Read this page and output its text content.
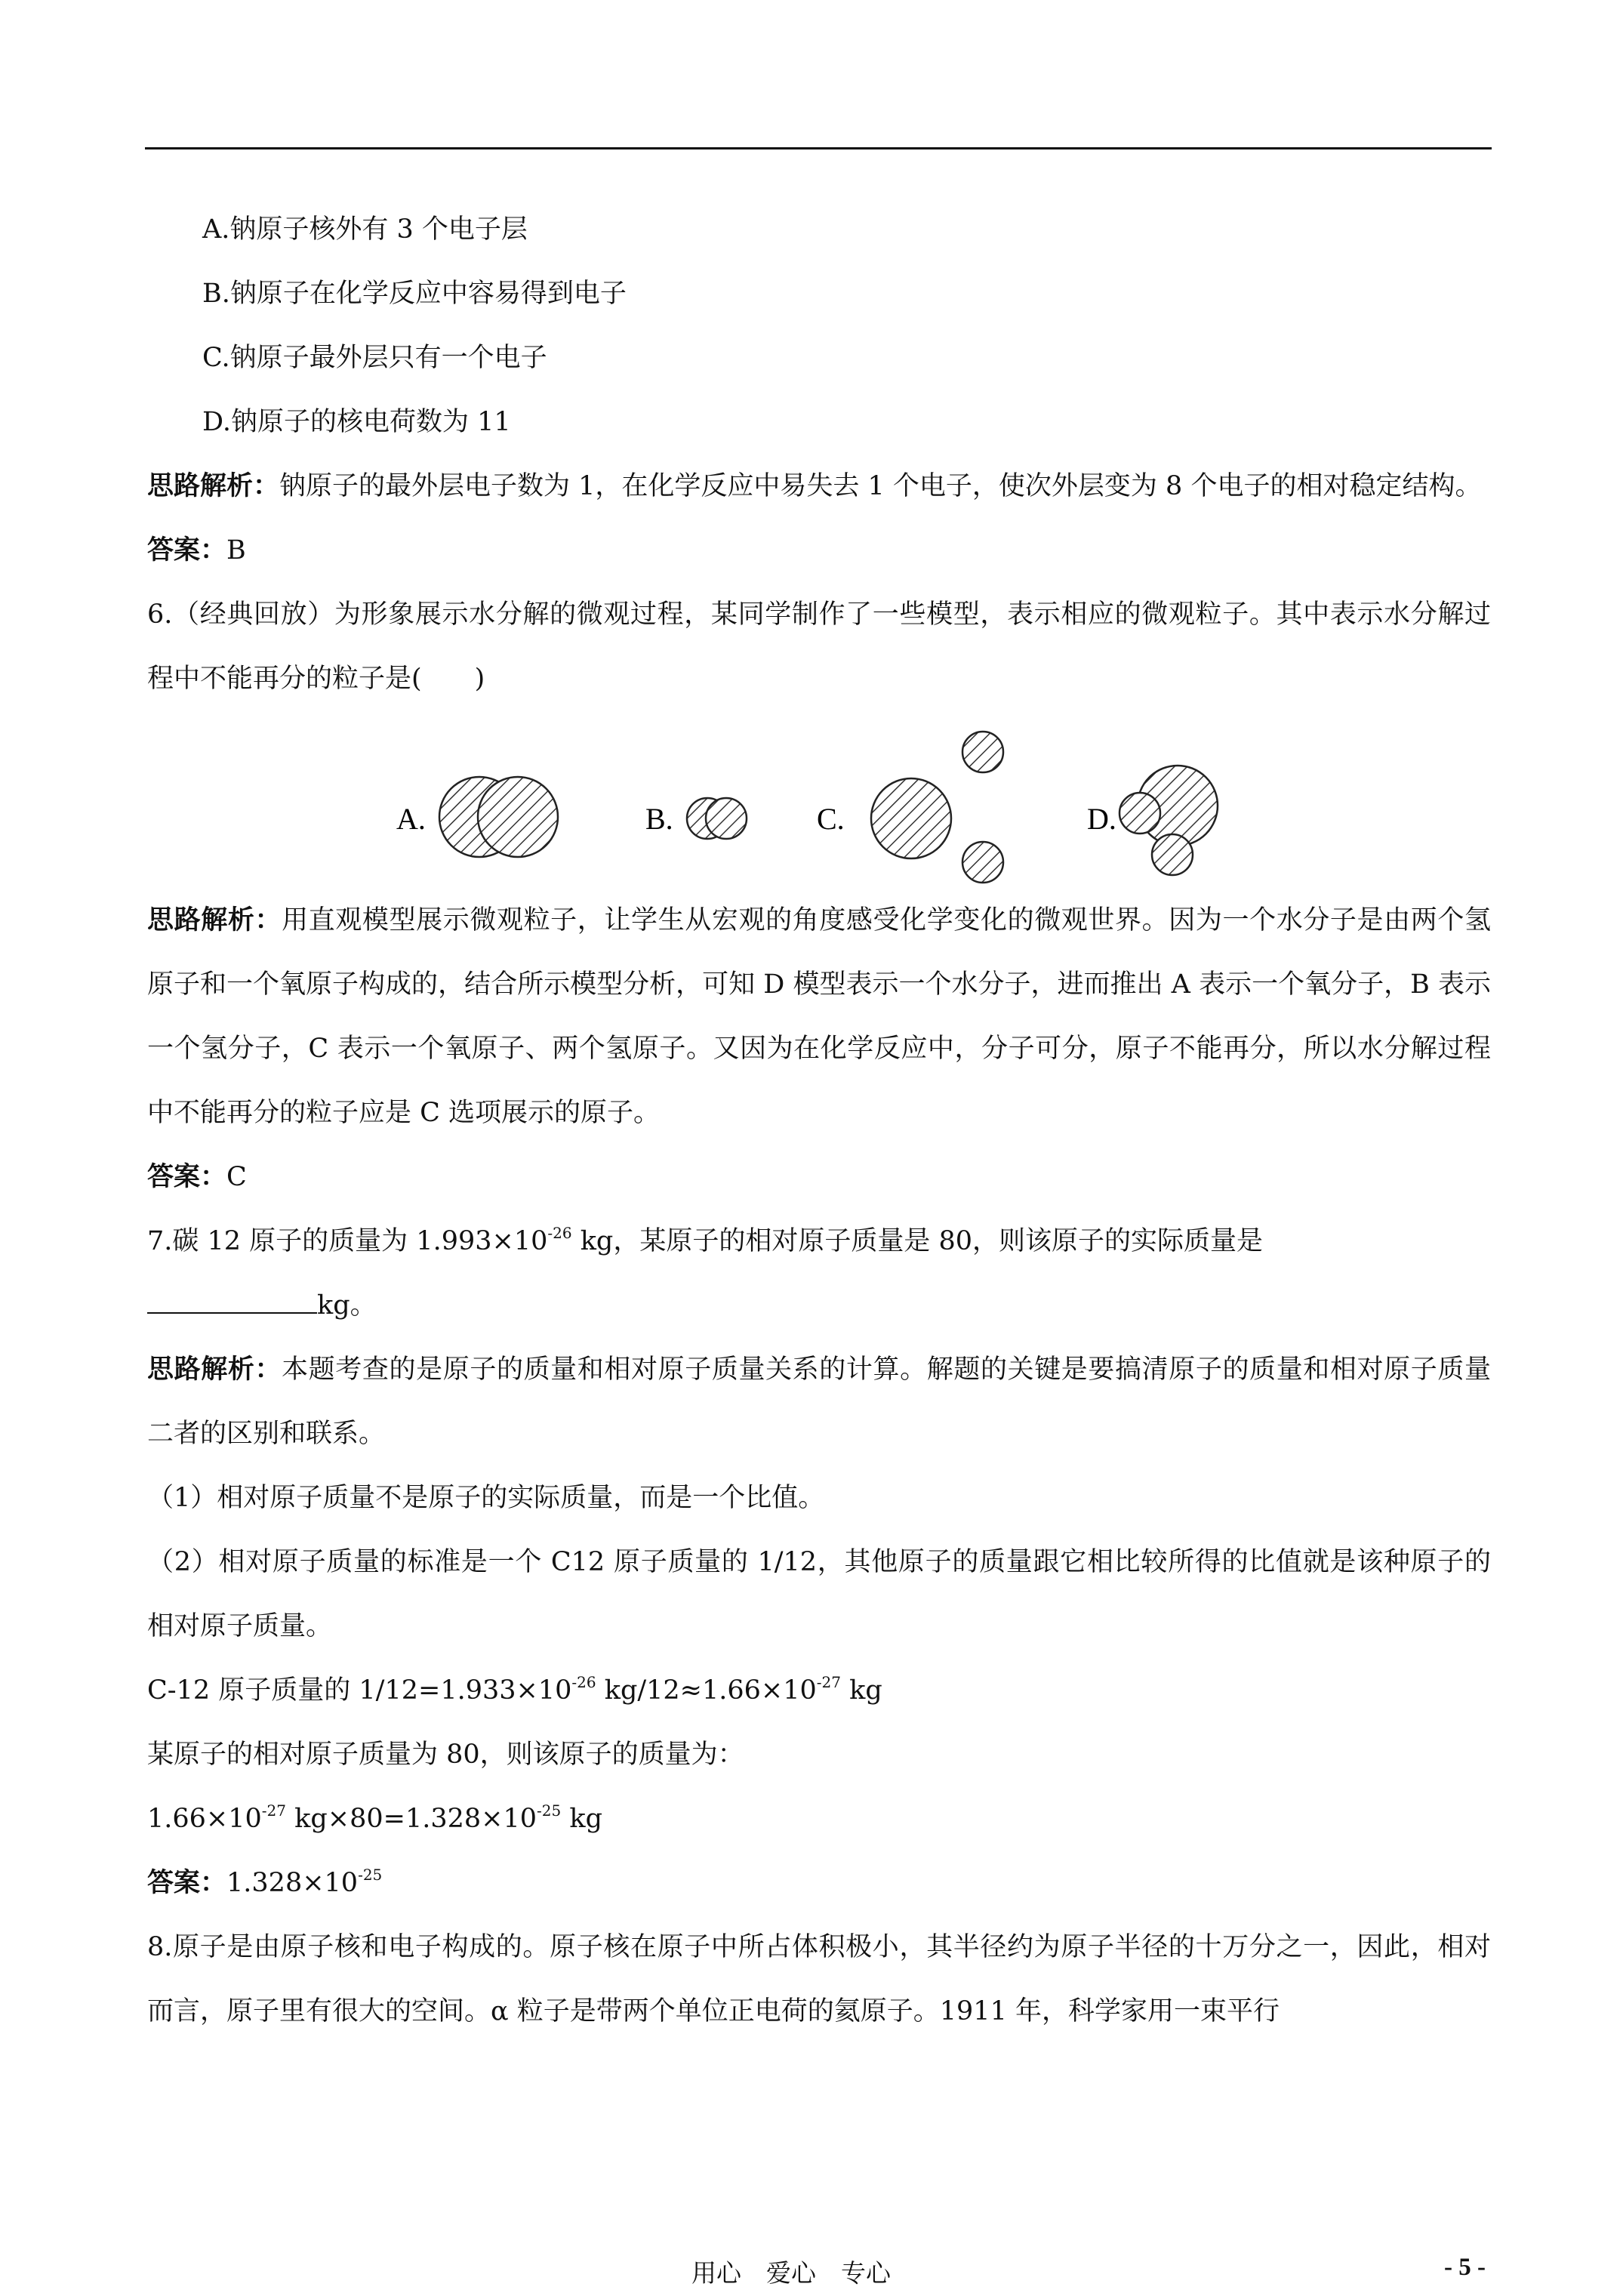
A.钠原子核外有 3 个电子层

B.钠原子在化学反应中容易得到电子

C.钠原子最外层只有一个电子

D.钠原子的核电荷数为 11

思路解析：钠原子的最外层电子数为 1，在化学反应中易失去 1 个电子，使次外层变为 8 个电子的相对稳定结构。

答案：B

6.（经典回放）为形象展示水分解的微观过程，某同学制作了一些模型，表示相应的微观粒子。其中表示水分解过程中不能再分的粒子是(　　)

A.	B.	C.	D.

思路解析：用直观模型展示微观粒子，让学生从宏观的角度感受化学变化的微观世界。因为一个水分子是由两个氢原子和一个氧原子构成的，结合所示模型分析，可知 D 模型表示一个水分子，进而推出 A 表示一个氧分子，B 表示一个氢分子，C 表示一个氧原子、两个氢原子。又因为在化学反应中，分子可分，原子不能再分，所以水分解过程中不能再分的粒子应是 C 选项展示的原子。

答案：C

7.碳 12 原子的质量为 $1.993\times 10^{-26}$ kg，某原子的相对原子质量是 80，则该原子的实际质量是
kg。

思路解析：本题考查的是原子的质量和相对原子质量关系的计算。解题的关键是要搞清原子的质量和相对原子质量二者的区别和联系。

（1）相对原子质量不是原子的实际质量，而是一个比值。

（2）相对原子质量的标准是一个 C12 原子质量的 1/12，其他原子的质量跟它相比较所得的比值就是该种原子的相对原子质量。

C-12 原子质量的 $1/12=1.933\times 10^{-26}$ $kg/12\approx 1.66\times 10^{-27}$ kg

某原子的相对原子质量为 80，则该原子的质量为：

$1.66\times 10^{-27}$ $kg\times 80=1.328\times 10^{-25}$ kg

答案：$1.328\times 10^{-25}$

8.原子是由原子核和电子构成的。原子核在原子中所占体积极小，其半径约为原子半径的十万分之一，因此，相对而言，原子里有很大的空间。α 粒子是带两个单位正电荷的氦原子。1911 年，科学家用一束平行

用心　爱心　专心	- 5 -
